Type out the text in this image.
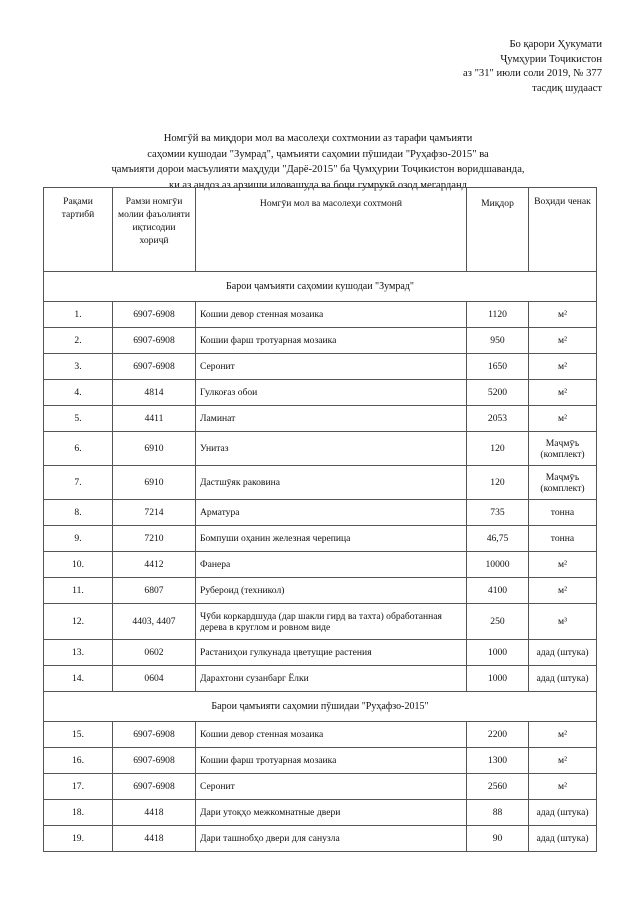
Бо қарори Ҳукумати
Ҷумҳурии Тоҷикистон
аз "31" июли соли 2019, № 377
тасдиқ шудааст
Номгӯй ва миқдори мол ва масолеҳи сохтмонии аз тарафи ҷамъияти
саҳомии кушодаи "Зумрад", ҷамъияти саҳомии пӯшидаи "Руҳафзо-2015" ва
ҷамъияти дорои масъулияти маҳдуди "Дарё-2015" ба Ҷумҳурии Тоҷикистон воридшаванда,
ки аз андоз аз арзиши иловашуда ва боҷи гумрукӣ озод мегарданд
Рақами тартибӣ	Рамзи номгӯи молии фаъолияти иқтисодии хориҷӣ	Номгӯи мол ва масолеҳи сохтмонӣ	Миқдор	Воҳиди ченак
Барои ҷамъияти саҳомии кушодаи "Зумрад"				
1.	6907-6908	Кошии девор стенная мозаика	1120	м²
2.	6907-6908	Кошии фарш тротуарная мозаика	950	м²
3.	6907-6908	Серонит	1650	м²
4.	4814	Гулкоғаз обои	5200	м²
5.	4411	Ламинат	2053	м²
6.	6910	Унитаз	120	Маҷмӯъ (комплект)
7.	6910	Дастшӯяк раковина	120	Маҷмӯъ (комплект)
8.	7214	Арматура	735	тонна
9.	7210	Бомпуши оҳанин железная черепица	46,75	тонна
10.	4412	Фанера	10000	м²
11.	6807	Рубероид (техникол)	4100	м²
12.	4403, 4407	Чӯби коркардшуда (дар шакли гирд ва тахта) обработанная дерева в круглом и ровном виде	250	м³
13.	0602	Растаниҳои гулкунада цветущие растения	1000	адад (штука)
14.	0604	Дарахтони сузанбарг Ёлки	1000	адад (штука)
Барои ҷамъияти саҳомии пӯшидаи "Руҳафзо-2015"				
15.	6907-6908	Кошии девор стенная мозаика	2200	м²
16.	6907-6908	Кошии фарш тротуарная мозаика	1300	м²
17.	6907-6908	Серонит	2560	м²
18.	4418	Дари утоқҳо межкомнатные двери	88	адад (штука)
19.	4418	Дари ташнобҳо двери для санузла	90	адад (штука)
